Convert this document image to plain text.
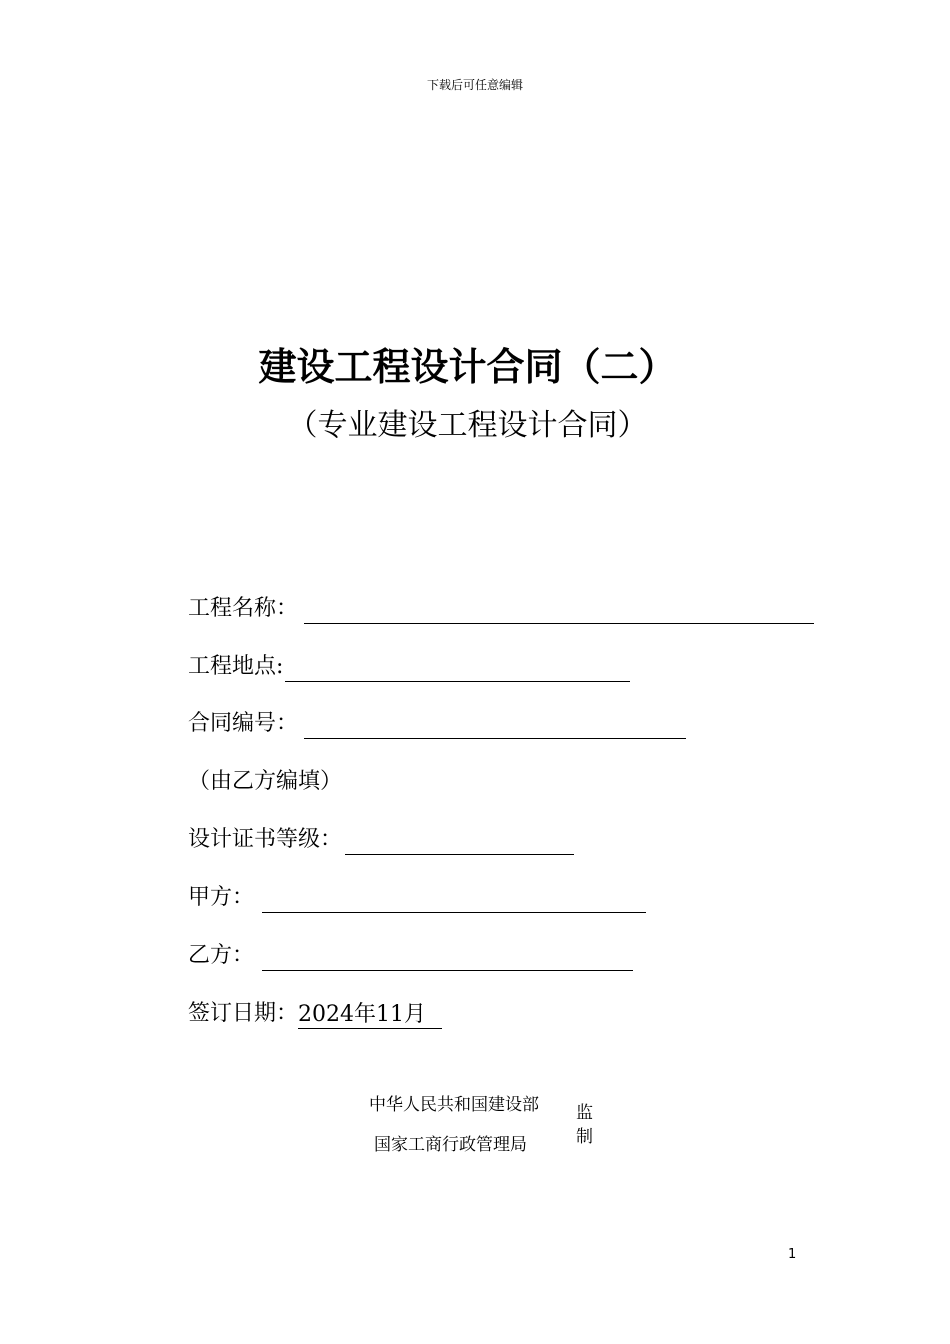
下载后可任意编辑
建设工程设计合同（二）
（专业建设工程设计合同）
工程名称：
工程地点:
合同编号：
（由乙方编填）
设计证书等级：
甲方：
乙方：
签订日期： 2024年11月
中华人民共和国建设部
国家工商行政管理局
监
制
1
